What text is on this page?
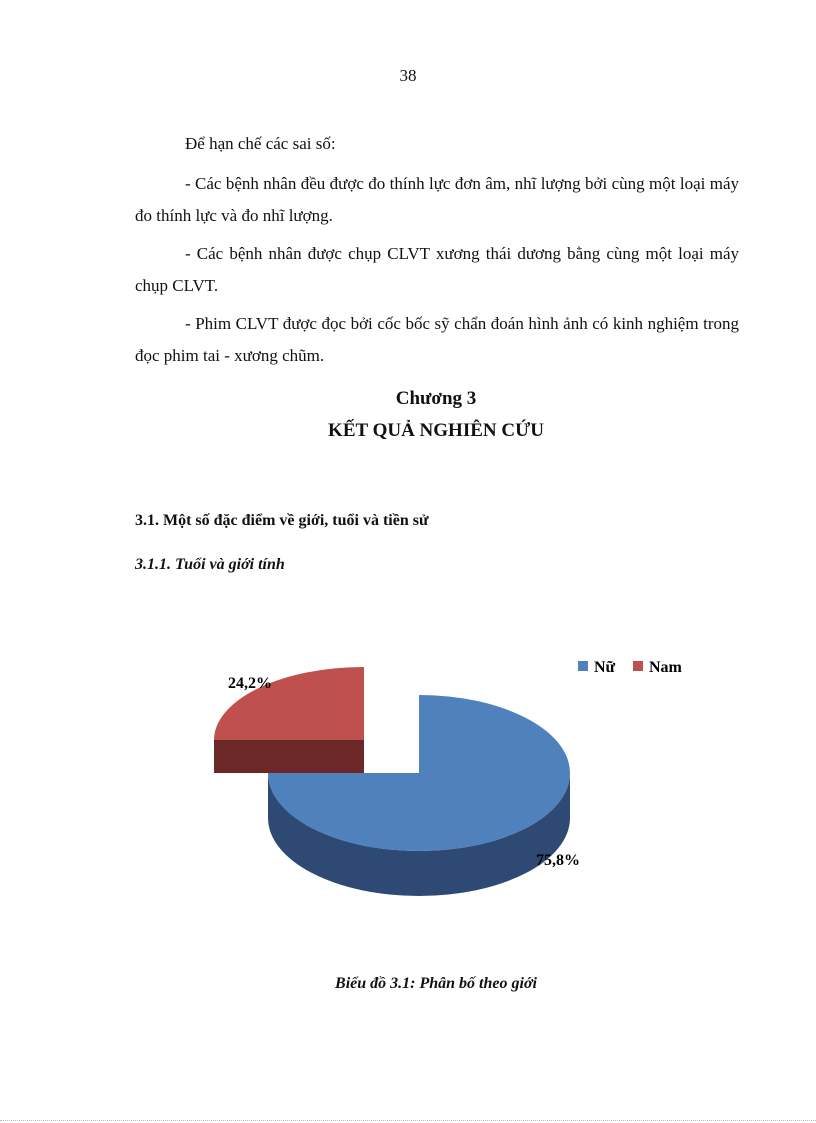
38

Để hạn chế các sai số:

- Các bệnh nhân đều được đo thính lực đơn âm, nhĩ lượng bởi cùng một loại máy đo thính lực và đo nhĩ lượng.

- Các bệnh nhân được chụp CLVT xương thái dương bằng cùng một loại máy chụp CLVT.

- Phim CLVT được đọc bởi cốc bốc sỹ chẩn đoán hình ảnh có kinh nghiệm trong đọc phim tai - xương chũm.

Chương 3

KẾT QUẢ NGHIÊN CỨU

3.1. Một số đặc điểm về giới, tuổi và tiền sử

3.1.1. Tuổi và giới tính

24,2%
75,8%
Nữ Nam

Biểu đồ 3.1: Phân bố theo giới
